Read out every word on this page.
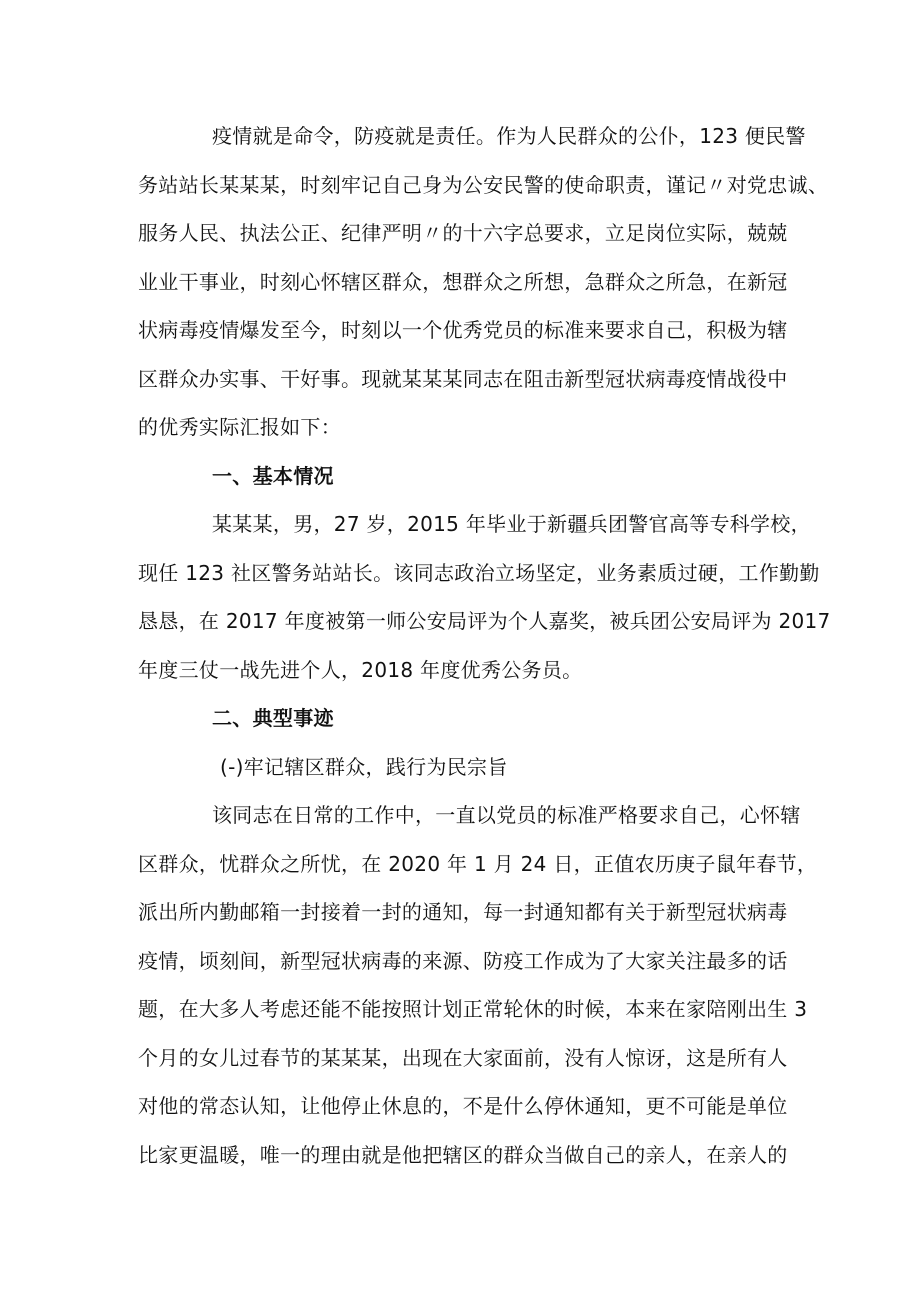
疫情就是命令，防疫就是责任。作为人民群众的公仆，123 便民警
务站站长某某某，时刻牢记自己身为公安民警的使命职责，谨记〃对党忠诚、
服务人民、执法公正、纪律严明〃的十六字总要求，立足岗位实际，兢兢
业业干事业，时刻心怀辖区群众，想群众之所想，急群众之所急，在新冠
状病毒疫情爆发至今，时刻以一个优秀党员的标准来要求自己，积极为辖
区群众办实事、干好事。现就某某某同志在阻击新型冠状病毒疫情战役中
的优秀实际汇报如下：
一、基本情况
某某某，男，27 岁，2015 年毕业于新疆兵团警官高等专科学校，
现任 123 社区警务站站长。该同志政治立场坚定，业务素质过硬，工作勤勤
恳恳，在 2017 年度被第一师公安局评为个人嘉奖，被兵团公安局评为 2017
年度三仗一战先进个人，2018 年度优秀公务员。
二、典型事迹
(-)牢记辖区群众，践行为民宗旨
该同志在日常的工作中，一直以党员的标准严格要求自己，心怀辖
区群众，忧群众之所忧，在 2020 年 1 月 24 日，正值农历庚子鼠年春节，
派出所内勤邮箱一封接着一封的通知，每一封通知都有关于新型冠状病毒
疫情，顷刻间，新型冠状病毒的来源、防疫工作成为了大家关注最多的话
题，在大多人考虑还能不能按照计划正常轮休的时候，本来在家陪刚出生 3
个月的女儿过春节的某某某，出现在大家面前，没有人惊讶，这是所有人
对他的常态认知，让他停止休息的，不是什么停休通知，更不可能是单位
比家更温暖，唯一的理由就是他把辖区的群众当做自己的亲人，在亲人的
